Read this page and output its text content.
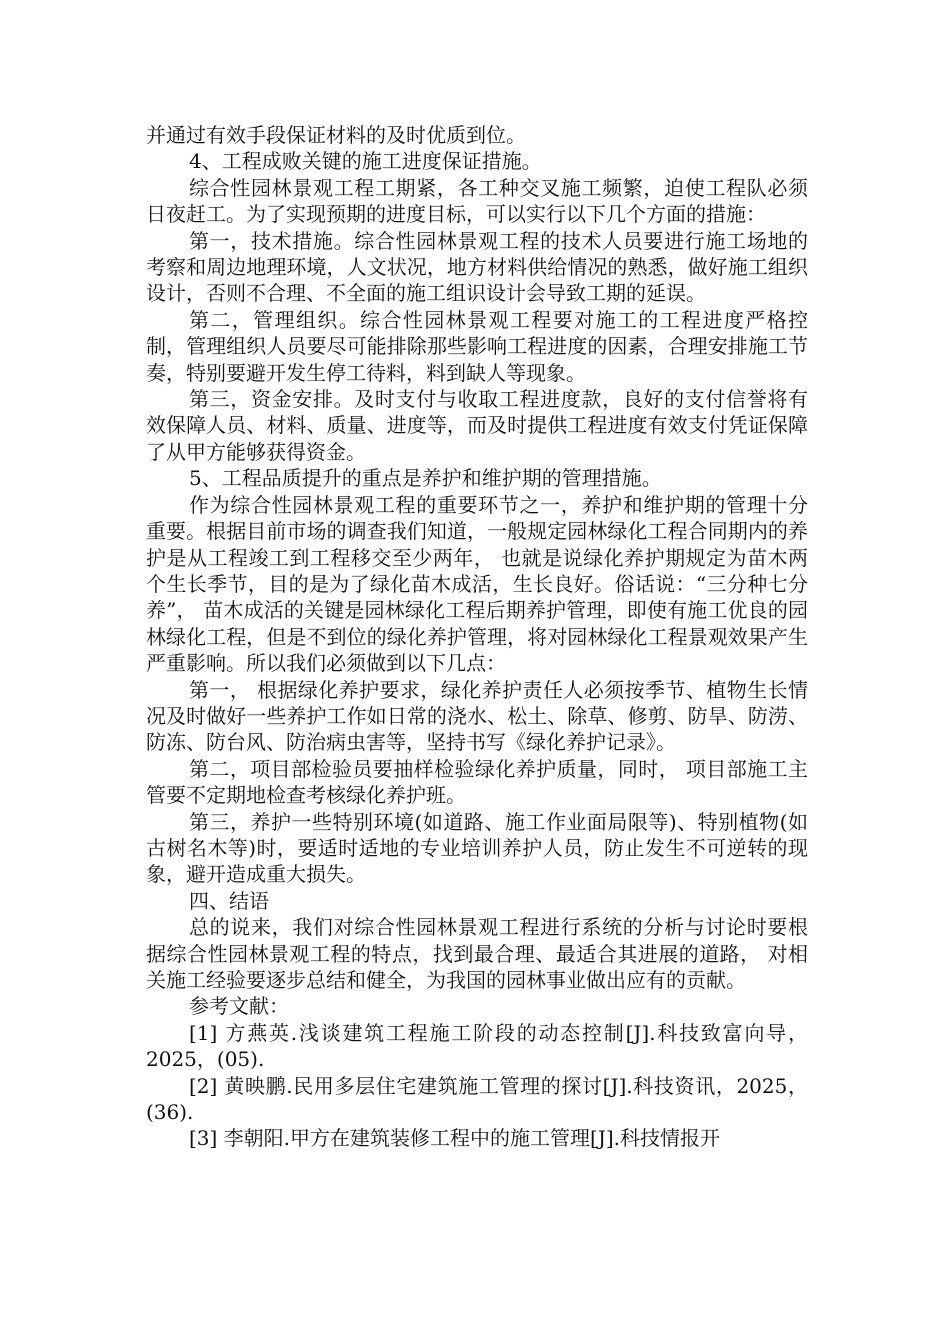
并通过有效手段保证材料的及时优质到位。

4、工程成败关键的施工进度保证措施。

综合性园林景观工程工期紧，各工种交叉施工频繁，迫使工程队必须日夜赶工。为了实现预期的进度目标，可以实行以下几个方面的措施：

第一，技术措施。综合性园林景观工程的技术人员要进行施工场地的考察和周边地理环境，人文状况，地方材料供给情况的熟悉，做好施工组织设计，否则不合理、不全面的施工组识设计会导致工期的延误。

第二，管理组织。综合性园林景观工程要对施工的工程进度严格控制，管理组织人员要尽可能排除那些影响工程进度的因素，合理安排施工节奏，特别要避开发生停工待料，料到缺人等现象。

第三，资金安排。及时支付与收取工程进度款，良好的支付信誉将有效保障人员、材料、质量、进度等，而及时提供工程进度有效支付凭证保障了从甲方能够获得资金。

5、工程品质提升的重点是养护和维护期的管理措施。

作为综合性园林景观工程的重要环节之一，养护和维护期的管理十分重要。根据目前市场的调查我们知道，一般规定园林绿化工程合同期内的养护是从工程竣工到工程移交至少两年， 也就是说绿化养护期规定为苗木两个生长季节，目的是为了绿化苗木成活，生长良好。俗话说：“三分种七分养”， 苗木成活的关键是园林绿化工程后期养护管理，即使有施工优良的园林绿化工程，但是不到位的绿化养护管理，将对园林绿化工程景观效果产生严重影响。所以我们必须做到以下几点：

第一， 根据绿化养护要求，绿化养护责任人必须按季节、植物生长情况及时做好一些养护工作如日常的浇水、松土、除草、修剪、防旱、防涝、防冻、防台风、防治病虫害等，坚持书写《绿化养护记录》。

第二，项目部检验员要抽样检验绿化养护质量，同时， 项目部施工主管要不定期地检查考核绿化养护班。

第三，养护一些特别环境(如道路、施工作业面局限等)、特别植物(如古树名木等)时，要适时适地的专业培训养护人员，防止发生不可逆转的现象，避开造成重大损失。

四、结语

总的说来，我们对综合性园林景观工程进行系统的分析与讨论时要根据综合性园林景观工程的特点，找到最合理、最适合其进展的道路， 对相关施工经验要逐步总结和健全，为我国的园林事业做出应有的贡献。

参考文献：

[1] 方燕英.浅谈建筑工程施工阶段的动态控制[J].科技致富向导， 2025，(05).

[2] 黄映鹏.民用多层住宅建筑施工管理的探讨[J].科技资讯，2025， (36).

[3] 李朝阳.甲方在建筑装修工程中的施工管理[J].科技情报开
